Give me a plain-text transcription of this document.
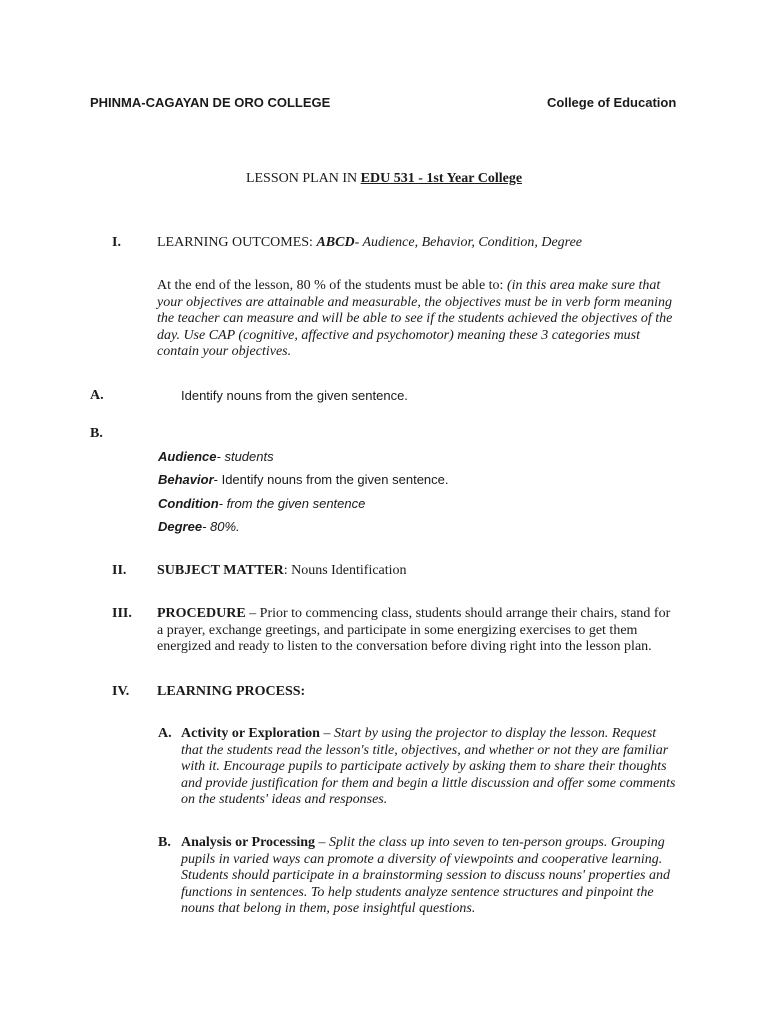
PHINMA-CAGAYAN DE ORO COLLEGE	College of Education
LESSON PLAN IN EDU 531 - 1st Year College
I.	LEARNING OUTCOMES: ABCD- Audience, Behavior, Condition, Degree
At the end of the lesson, 80 % of the students must be able to: (in this area make sure that your objectives are attainable and measurable, the objectives must be in verb form meaning the teacher can measure and will be able to see if the students achieved the objectives of the day. Use CAP (cognitive, affective and psychomotor) meaning these 3 categories must contain your objectives.
A.	Identify nouns from the given sentence.
B.
Audience- students
Behavior- Identify nouns from the given sentence.
Condition- from the given sentence
Degree- 80%.
II. SUBJECT MATTER: Nouns Identification
III. PROCEDURE – Prior to commencing class, students should arrange their chairs, stand for a prayer, exchange greetings, and participate in some energizing exercises to get them energized and ready to listen to the conversation before diving right into the lesson plan.
IV. LEARNING PROCESS:
A. Activity or Exploration – Start by using the projector to display the lesson. Request that the students read the lesson's title, objectives, and whether or not they are familiar with it. Encourage pupils to participate actively by asking them to share their thoughts and provide justification for them and begin a little discussion and offer some comments on the students' ideas and responses.
B. Analysis or Processing – Split the class up into seven to ten-person groups. Grouping pupils in varied ways can promote a diversity of viewpoints and cooperative learning. Students should participate in a brainstorming session to discuss nouns' properties and functions in sentences. To help students analyze sentence structures and pinpoint the nouns that belong in them, pose insightful questions.
